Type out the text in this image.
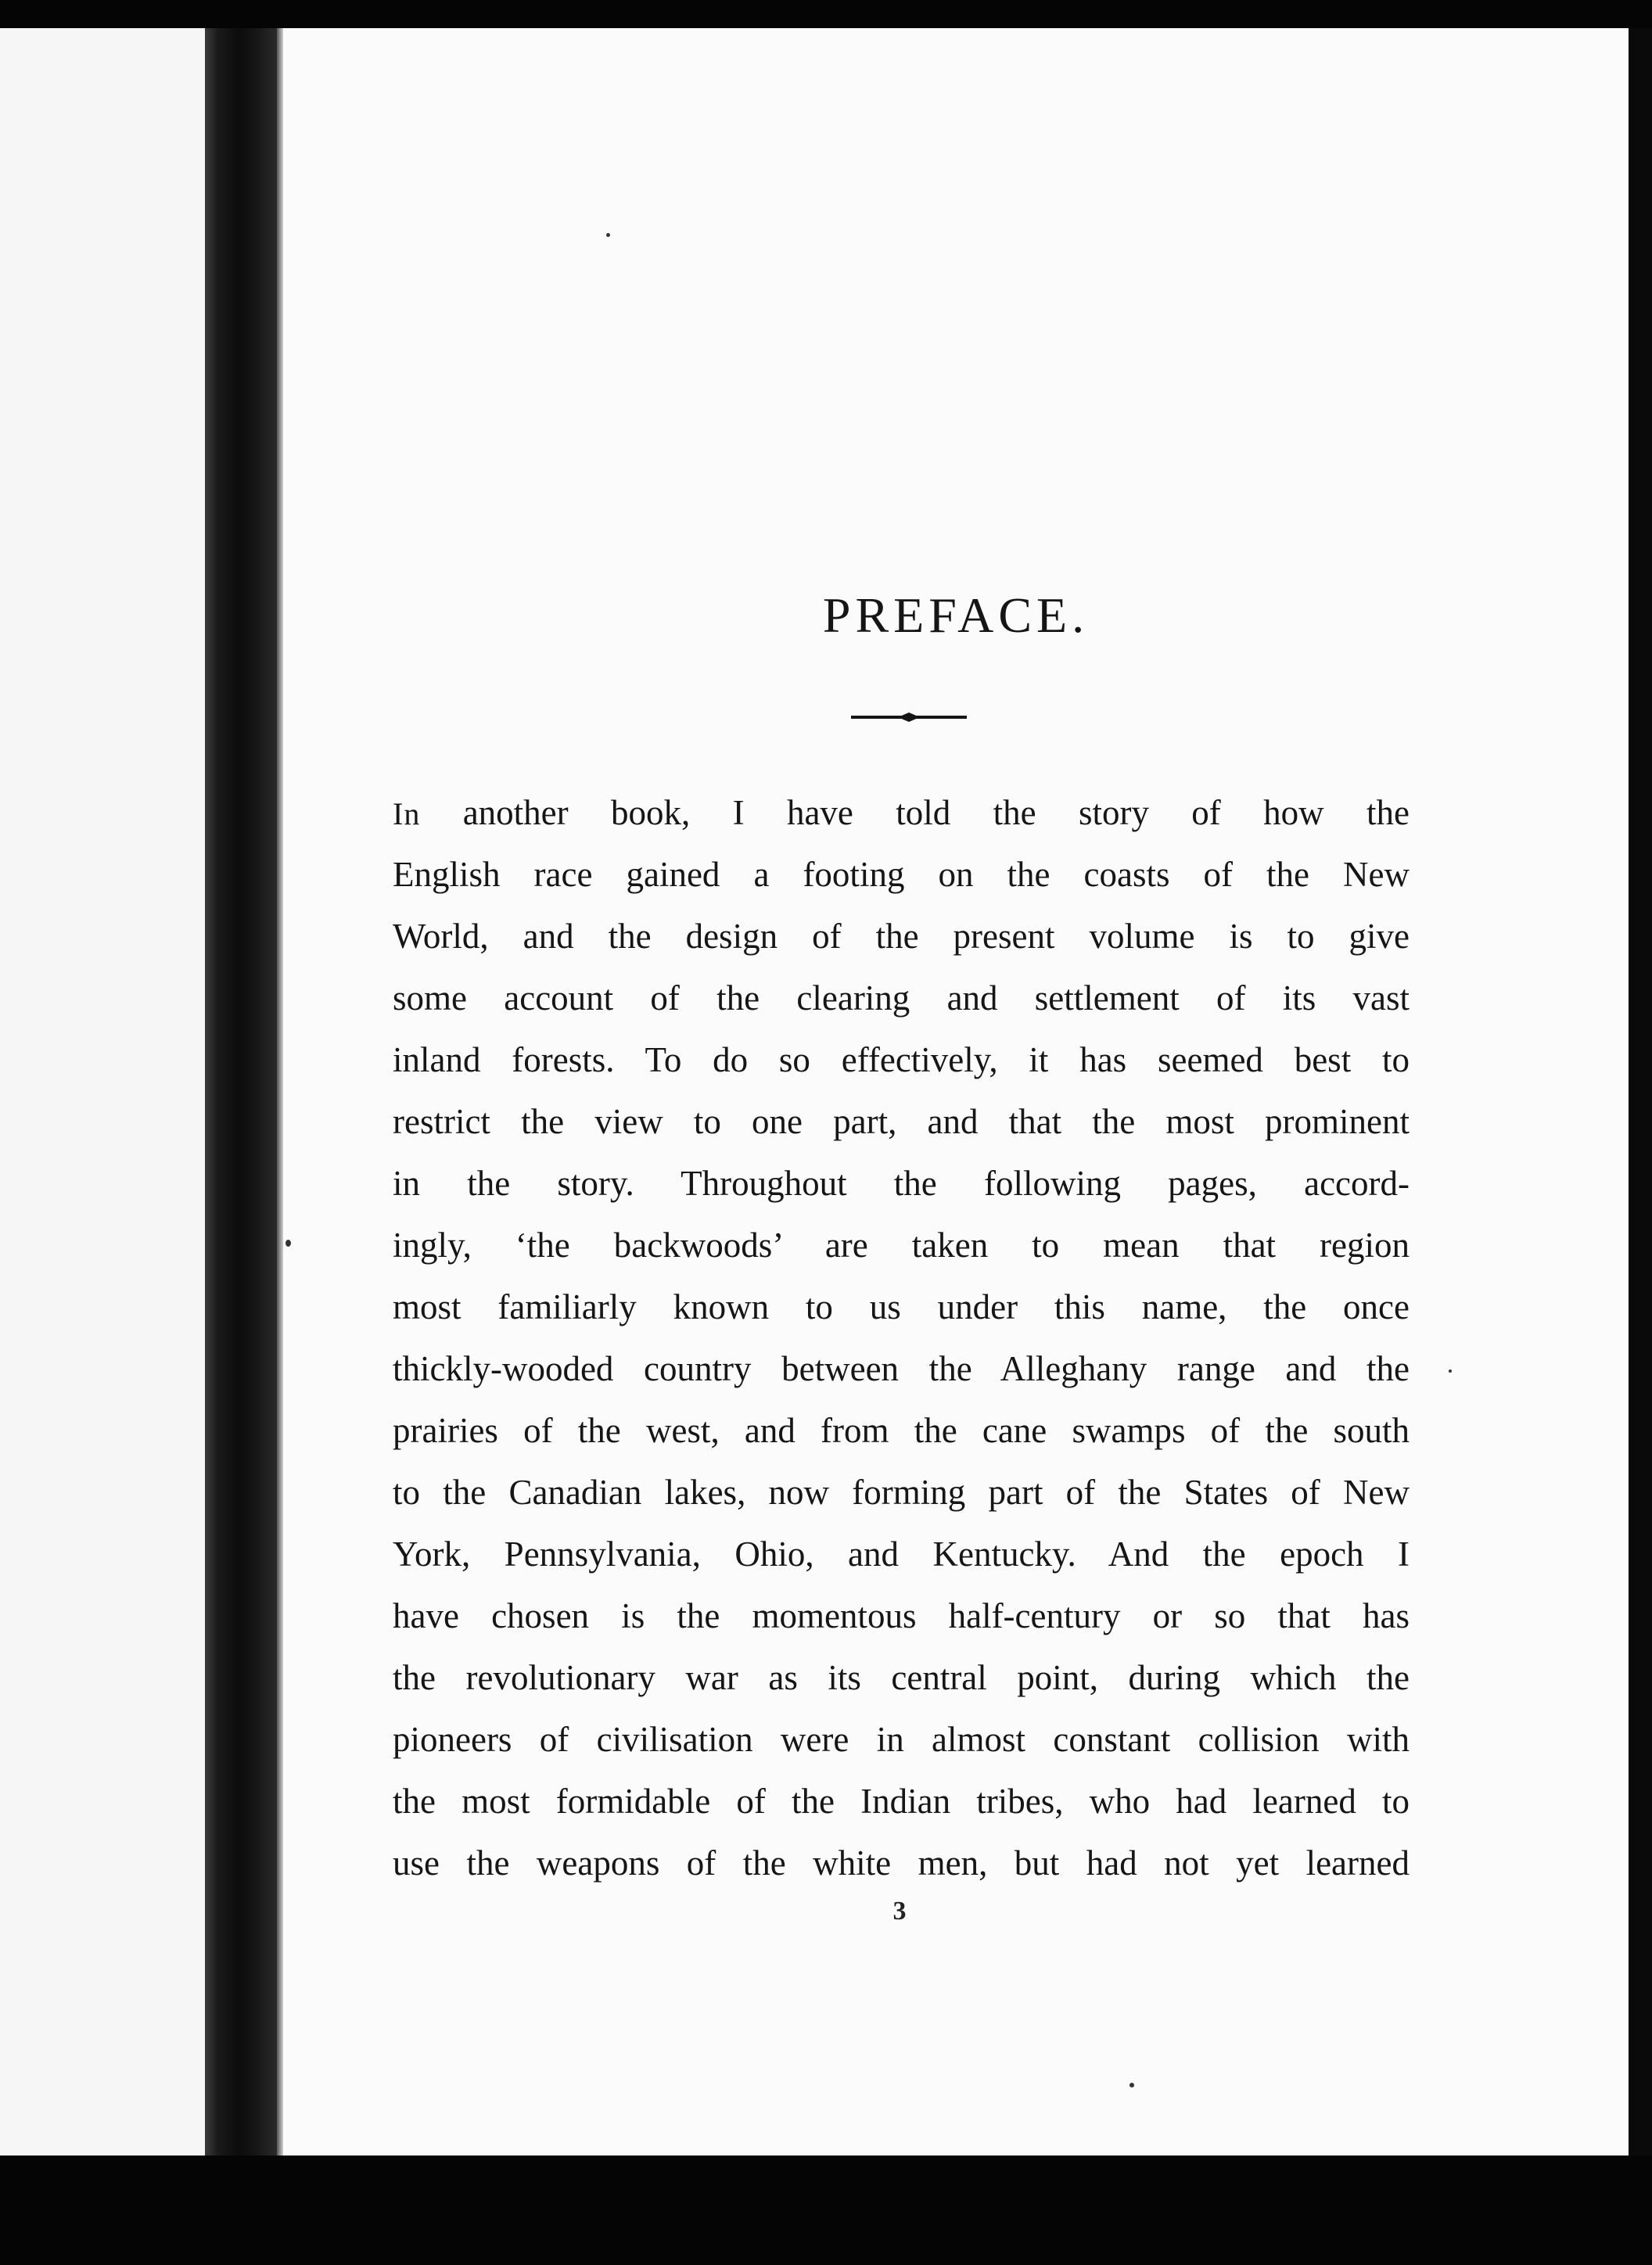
PREFACE.
In another book, I have told the story of how the
English race gained a footing on the coasts of the New
World, and the design of the present volume is to give
some account of the clearing and settlement of its vast
inland forests. To do so effectively, it has seemed best to
restrict the view to one part, and that the most prominent
in the story. Throughout the following pages, accord-
ingly, ‘the backwoods’ are taken to mean that region
most familiarly known to us under this name, the once
thickly-wooded country between the Alleghany range and the
prairies of the west, and from the cane swamps of the south
to the Canadian lakes, now forming part of the States of New
York, Pennsylvania, Ohio, and Kentucky. And the epoch I
have chosen is the momentous half-century or so that has
the revolutionary war as its central point, during which the
pioneers of civilisation were in almost constant collision with
the most formidable of the Indian tribes, who had learned to
use the weapons of the white men, but had not yet learned
3
